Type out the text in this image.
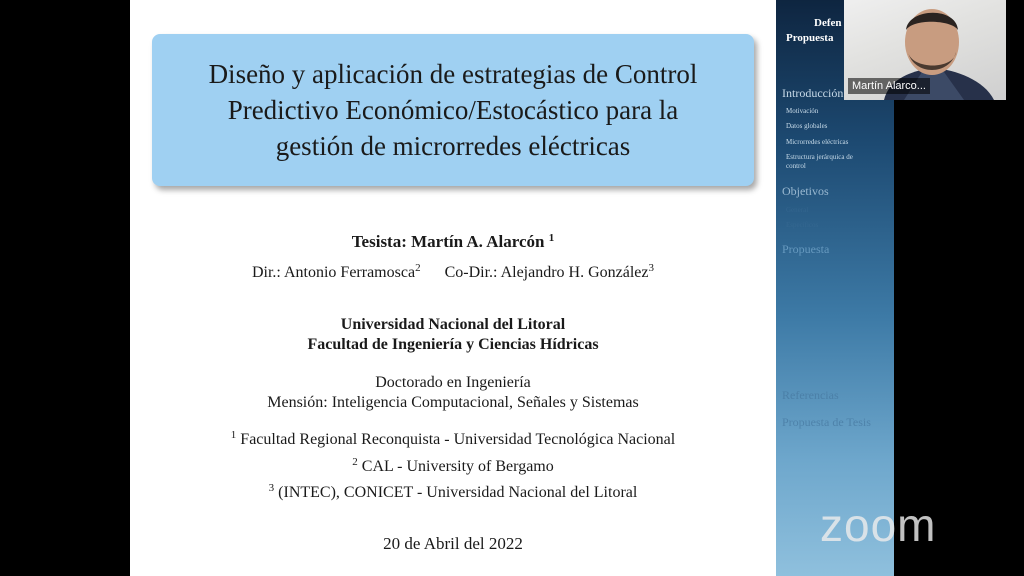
Diseño y aplicación de estrategias de Control
Predictivo Económico/Estocástico para la
gestión de microrredes eléctricas
Tesista: Martín A. Alarcón $^1$
Dir.: Antonio Ferramosca$^2$ Co-Dir.: Alejandro H. González$^3$
Universidad Nacional del Litoral
Facultad de Ingeniería y Ciencias Hídricas
Doctorado en Ingeniería
Mensión: Inteligencia Computacional, Señales y Sistemas
$^1$ Facultad Regional Reconquista - Universidad Tecnológica Nacional
$^2$ CAL - University of Bergamo
$^3$ (INTEC), CONICET - Universidad Nacional del Litoral
20 de Abril del 2022
Defen
Propuesta
Introducción
Motivación
Datos globales
Microrredes eléctricas
Estructura jerárquica de
control
Objetivos
General
Específicos
Propuesta
Referencias
Propuesta de Tesis
Martín Alarco...
zoom
